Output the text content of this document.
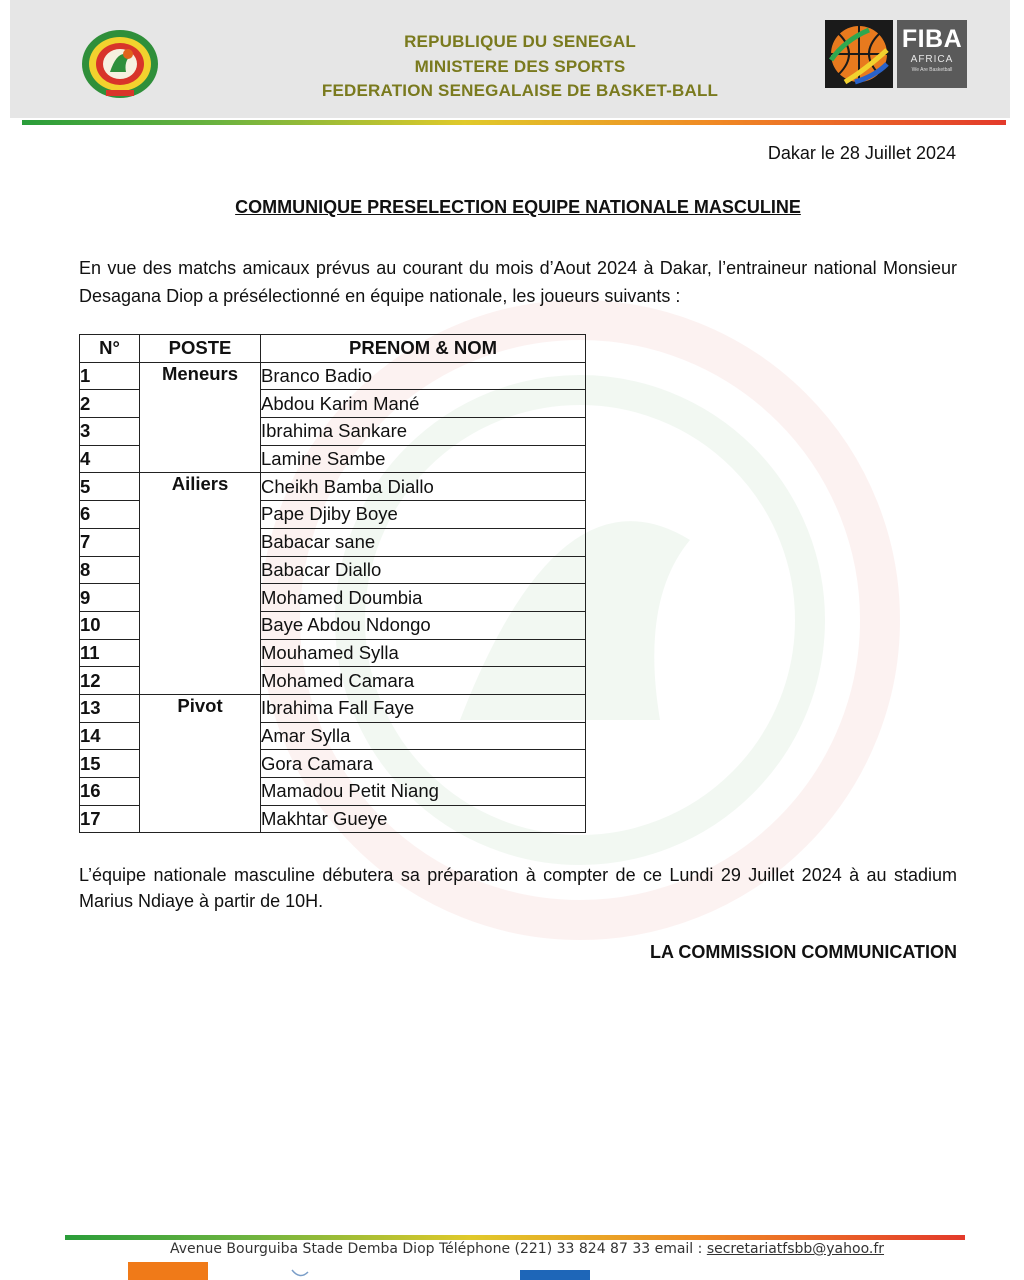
REPUBLIQUE DU SENEGAL
MINISTERE DES SPORTS
FEDERATION SENEGALAISE DE BASKET-BALL
FIBA
AFRICA
We Are Basketball
Dakar le 28 Juillet 2024
COMMUNIQUE PRESELECTION EQUIPE NATIONALE MASCULINE

En vue des matchs amicaux prévus au courant du mois d’Aout 2024 à Dakar, l’entraineur national Monsieur Desagana Diop a présélectionné en équipe nationale, les joueurs suivants :

N°	POSTE	PRENOM & NOM
1	Meneurs	Branco Badio
2		Abdou Karim Mané
3		Ibrahima Sankare
4		Lamine Sambe
5	Ailiers	Cheikh Bamba Diallo
6		Pape Djiby Boye
7		Babacar sane
8		Babacar Diallo
9		Mohamed Doumbia
10		Baye Abdou Ndongo
11		Mouhamed Sylla
12		Mohamed Camara
13	Pivot	Ibrahima Fall Faye
14		Amar Sylla
15		Gora Camara
16		Mamadou Petit Niang
17		Makhtar Gueye

L’équipe nationale masculine débutera sa préparation à compter de ce Lundi 29 Juillet 2024 à au stadium Marius Ndiaye à partir de 10H.

LA COMMISSION COMMUNICATION
Avenue Bourguiba Stade Demba Diop Téléphone (221) 33 824 87 33 email : secretariatfsbb@yahoo.fr
